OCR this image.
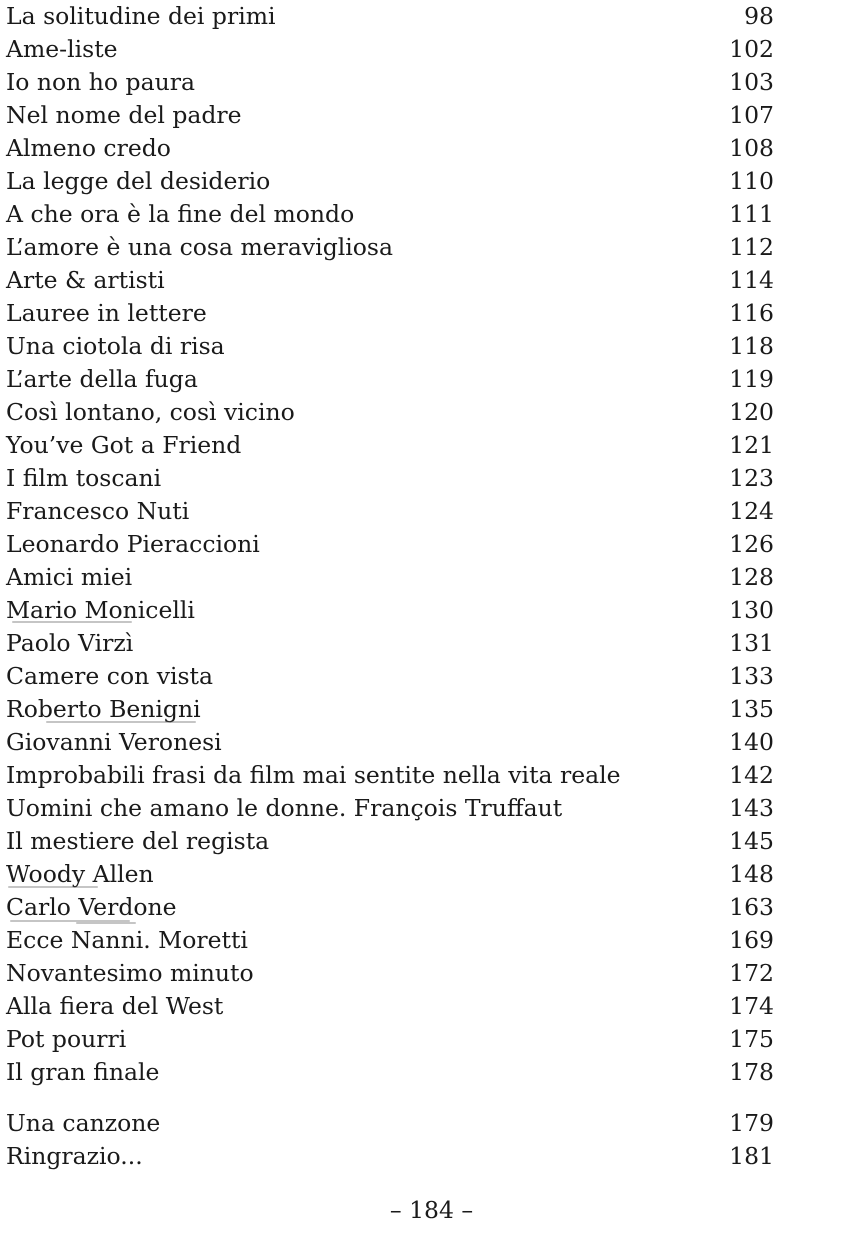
La solitudine dei primi	98
Ame-liste	102
Io non ho paura	103
Nel nome del padre	107
Almeno credo	108
La legge del desiderio	110
A che ora è la fine del mondo	111
L’amore è una cosa meravigliosa	112
Arte & artisti	114
Lauree in lettere	116
Una ciotola di risa	118
L’arte della fuga	119
Così lontano, così vicino	120
You’ve Got a Friend	121
I film toscani	123
Francesco Nuti	124
Leonardo Pieraccioni	126
Amici miei	128
Mario Monicelli	130
Paolo Virzì	131
Camere con vista	133
Roberto Benigni	135
Giovanni Veronesi	140
Improbabili frasi da film mai sentite nella vita reale	142
Uomini che amano le donne. François Truffaut	143
Il mestiere del regista	145
Woody Allen	148
Carlo Verdone	163
Ecce Nanni. Moretti	169
Novantesimo minuto	172
Alla fiera del West	174
Pot pourri	175
Il gran finale	178
Una canzone	179
Ringrazio...	181
– 184 –
